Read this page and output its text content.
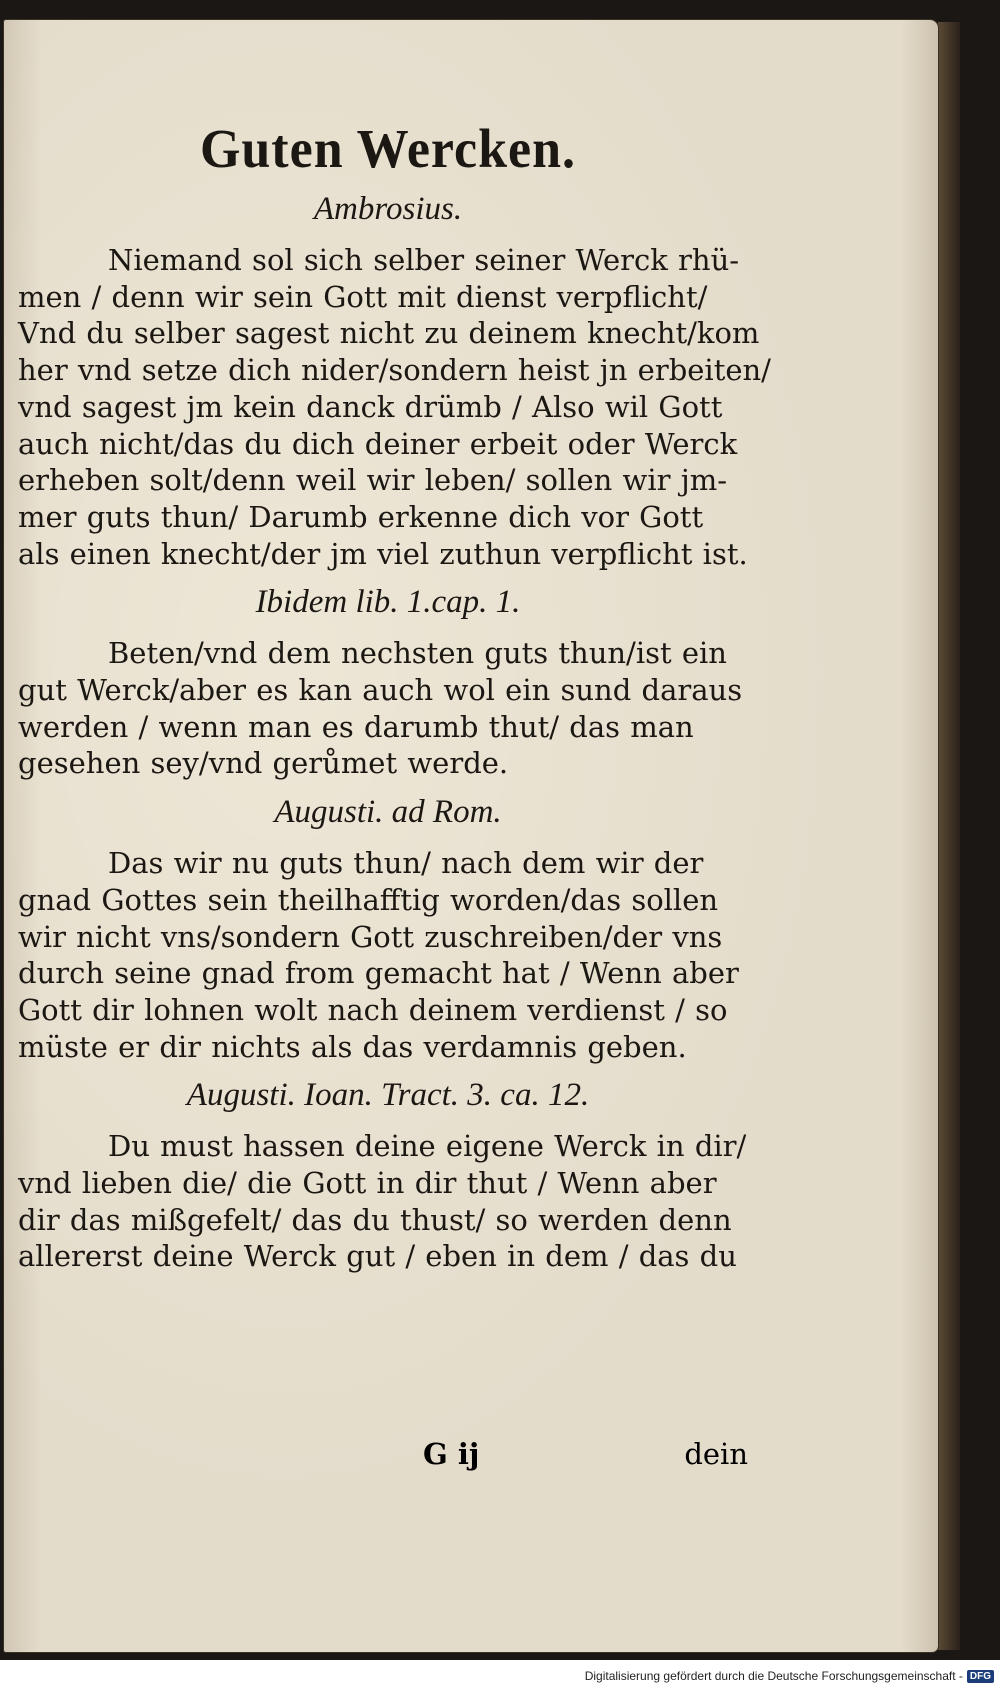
Guten Wercken.
Ambrosius.

Niemand sol sich selber seiner Werck rhü-
men / denn wir sein Gott mit dienst verpflicht/
Vnd du selber sagest nicht zu deinem knecht/kom
her vnd setze dich nider/sondern heist jn erbeiten/
vnd sagest jm kein danck drümb / Also wil Gott
auch nicht/das du dich deiner erbeit oder Werck
erheben solt/denn weil wir leben/ sollen wir jm-
mer guts thun/ Darumb erkenne dich vor Gott
als einen knecht/der jm viel zuthun verpflicht ist.

Ibidem lib. 1.cap. 1.

Beten/vnd dem nechsten guts thun/ist ein
gut Werck/aber es kan auch wol ein sund daraus
werden / wenn man es darumb thut/ das man
gesehen sey/vnd gerůmet werde.

Augusti. ad Rom.

Das wir nu guts thun/ nach dem wir der
gnad Gottes sein theilhafftig worden/das sollen
wir nicht vns/sondern Gott zuschreiben/der vns
durch seine gnad from gemacht hat / Wenn aber
Gott dir lohnen wolt nach deinem verdienst / so
müste er dir nichts als das verdamnis geben.

Augusti. Ioan. Tract. 3. ca. 12.

Du must hassen deine eigene Werck in dir/
vnd lieben die/ die Gott in dir thut / Wenn aber
dir das mißgefelt/ das du thust/ so werden denn
allererst deine Werck gut / eben in dem / das du

G ij	dein
Digitalisierung gefördert durch die Deutsche Forschungsgemeinschaft - DFG
